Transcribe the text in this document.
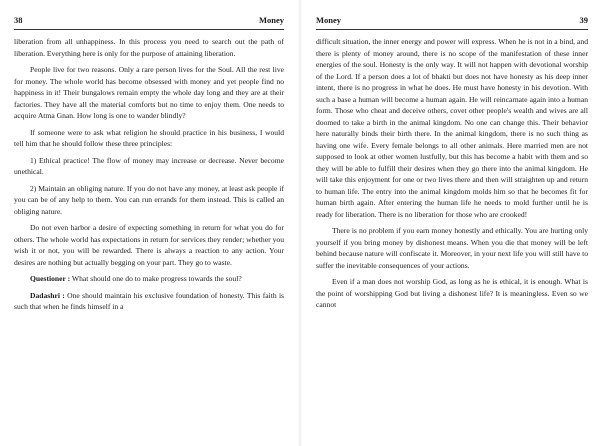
38	Money

liberation from all unhappiness. In this process you need to search out the path of liberation. Everything here is only for the purpose of attaining liberation.

People live for two reasons. Only a rare person lives for the Soul. All the rest live for money. The whole world has become obsessed with money and yet people find no happiness in it! Their bungalows remain empty the whole day long and they are at their factories. They have all the material comforts but no time to enjoy them. One needs to acquire Atma Gnan. How long is one to wander blindly?

If someone were to ask what religion he should practice in his business, I would tell him that he should follow these three principles:

1) Ethical practice! The flow of money may increase or decrease. Never become unethical.

2) Maintain an obliging nature. If you do not have any money, at least ask people if you can be of any help to them. You can run errands for them instead. This is called an obliging nature.

Do not even harbor a desire of expecting something in return for what you do for others. The whole world has expectations in return for services they render; whether you wish it or not, you will be rewarded. There is always a reaction to any action. Your desires are nothing but actually begging on your part. They go to waste.

Questioner : What should one do to make progress towards the soul?

Dadashri : One should maintain his exclusive foundation of honesty. This faith is such that when he finds himself in a

Money	39

difficult situation, the inner energy and power will express. When he is not in a bind, and there is plenty of money around, there is no scope of the manifestation of these inner energies of the soul. Honesty is the only way. It will not happen with devotional worship of the Lord. If a person does a lot of bhakti but does not have honesty as his deep inner intent, there is no progress in what he does. He must have honesty in his devotion. With such a base a human will become a human again. He will reincarnate again into a human form. Those who cheat and deceive others, covet other people's wealth and wives are all doomed to take a birth in the animal kingdom. No one can change this. Their behavior here naturally binds their birth there. In the animal kingdom, there is no such thing as having one wife. Every female belongs to all other animals. Here married men are not supposed to look at other women lustfully, but this has become a habit with them and so they will be able to fulfill their desires when they go there into the animal kingdom. He will take this enjoyment for one or two lives there and then will straighten up and return to human life. The entry into the animal kingdom molds him so that he becomes fit for human birth again. After entering the human life he needs to mold further until he is ready for liberation. There is no liberation for those who are crooked!

There is no problem if you earn money honestly and ethically. You are hurting only yourself if you bring money by dishonest means. When you die that money will be left behind because nature will confiscate it. Moreover, in your next life you will still have to suffer the inevitable consequences of your actions.

Even if a man does not worship God, as long as he is ethical, it is enough. What is the point of worshipping God but living a dishonest life? It is meaningless. Even so we cannot
